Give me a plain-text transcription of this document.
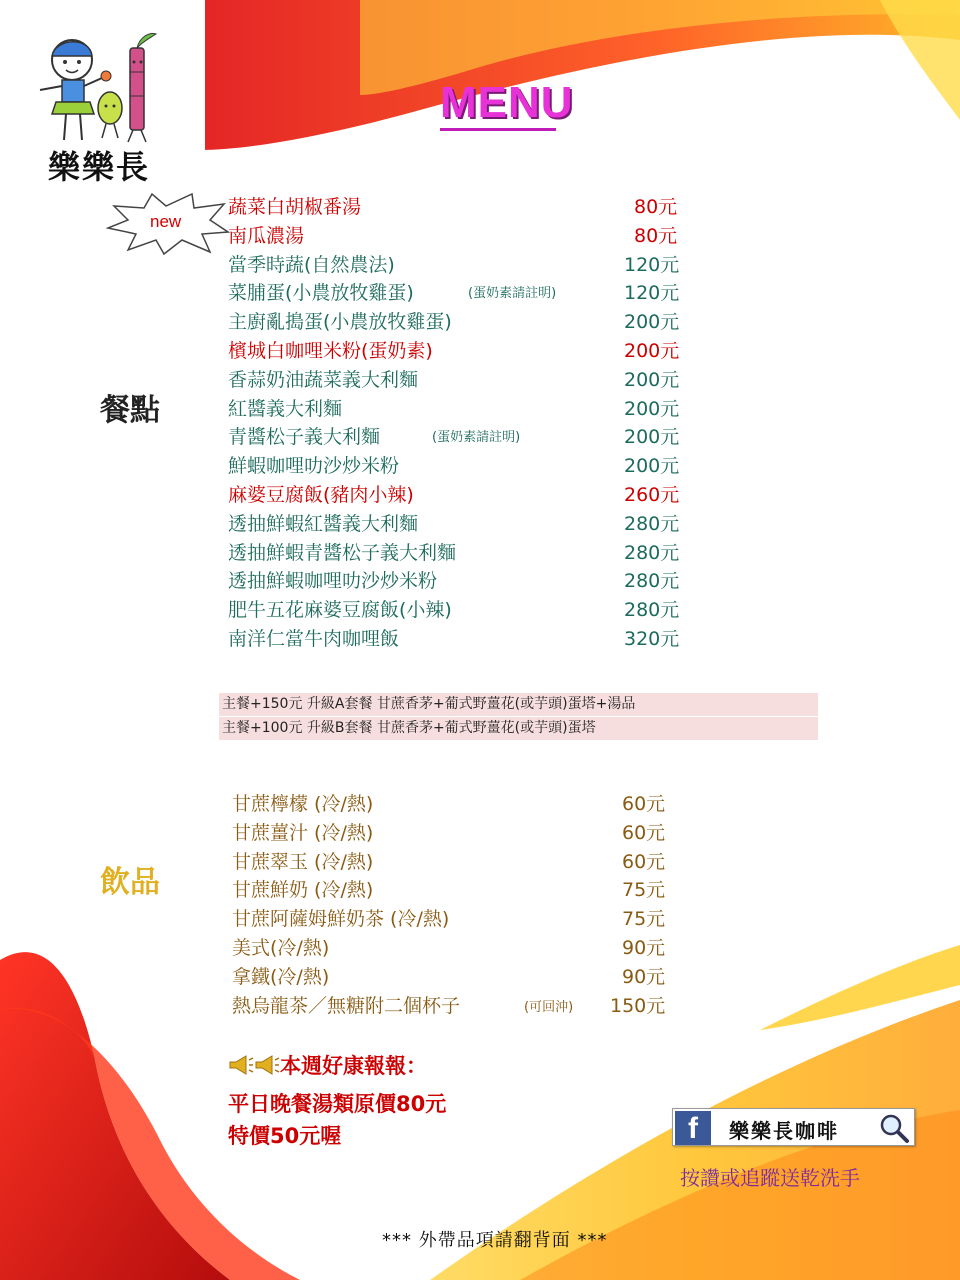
樂樂長
MENU
new
餐點
飲品
蔬菜白胡椒番湯	80元
南瓜濃湯	80元
當季時蔬(自然農法)	120元
菜脯蛋(小農放牧雞蛋)	(蛋奶素請註明)	120元
主廚亂搗蛋(小農放牧雞蛋)	200元
檳城白咖哩米粉(蛋奶素)	200元
香蒜奶油蔬菜義大利麵	200元
紅醬義大利麵	200元
青醬松子義大利麵	(蛋奶素請註明)	200元
鮮蝦咖哩叻沙炒米粉	200元
麻婆豆腐飯(豬肉小辣)	260元
透抽鮮蝦紅醬義大利麵	280元
透抽鮮蝦青醬松子義大利麵	280元
透抽鮮蝦咖哩叻沙炒米粉	280元
肥牛五花麻婆豆腐飯(小辣)	280元
南洋仁當牛肉咖哩飯	320元
主餐+150元 升級A套餐 甘蔗香茅+葡式野薑花(或芋頭)蛋塔+湯品
主餐+100元 升級B套餐 甘蔗香茅+葡式野薑花(或芋頭)蛋塔
甘蔗檸檬 (冷/熱)	60元
甘蔗薑汁 (冷/熱)	60元
甘蔗翠玉 (冷/熱)	60元
甘蔗鮮奶 (冷/熱)	75元
甘蔗阿薩姆鮮奶茶 (冷/熱)	75元
美式(冷/熱)	90元
拿鐵(冷/熱)	90元
熱烏龍茶／無糖附二個杯子	(可回沖) 150元
本週好康報報：
平日晚餐湯類原價80元
特價50元喔	f	樂樂長咖啡
按讚或追蹤送乾洗手
*** 外帶品項請翻背面 ***
